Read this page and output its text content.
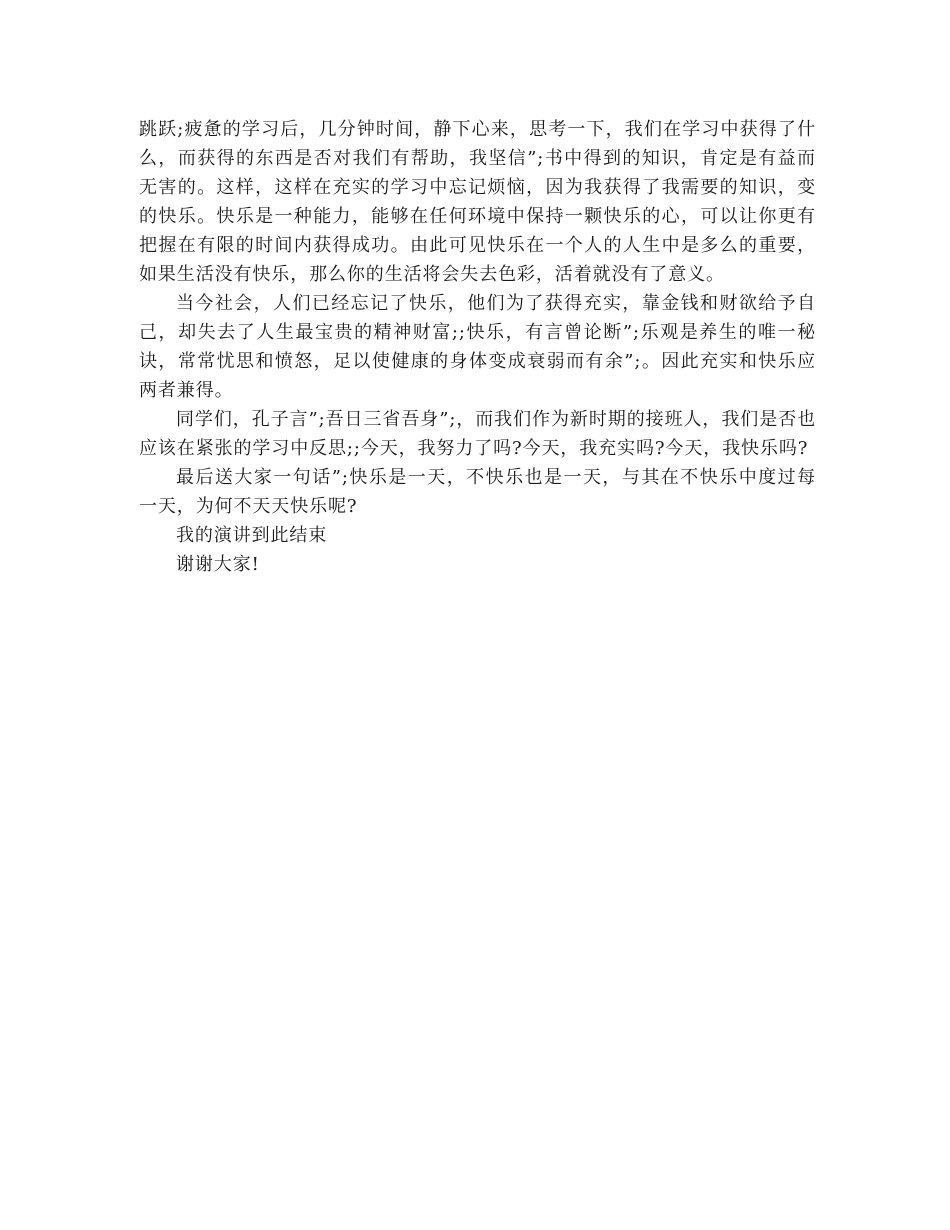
跳跃;疲惫的学习后，几分钟时间，静下心来，思考一下，我们在学习中获得了什么，而获得的东西是否对我们有帮助，我坚信”;书中得到的知识，肯定是有益而无害的。这样，这样在充实的学习中忘记烦恼，因为我获得了我需要的知识，变的快乐。快乐是一种能力，能够在任何环境中保持一颗快乐的心，可以让你更有把握在有限的时间内获得成功。由此可见快乐在一个人的人生中是多么的重要，如果生活没有快乐，那么你的生活将会失去色彩，活着就没有了意义。

当今社会，人们已经忘记了快乐，他们为了获得充实，靠金钱和财欲给予自己，却失去了人生最宝贵的精神财富;;快乐，有言曾论断”;乐观是养生的唯一秘诀，常常忧思和愤怒，足以使健康的身体变成衰弱而有余”;。因此充实和快乐应两者兼得。

同学们，孔子言”;吾日三省吾身”;，而我们作为新时期的接班人，我们是否也应该在紧张的学习中反思;;今天，我努力了吗?今天，我充实吗?今天，我快乐吗?

最后送大家一句话”;快乐是一天，不快乐也是一天，与其在不快乐中度过每一天，为何不天天快乐呢?

我的演讲到此结束

谢谢大家!
